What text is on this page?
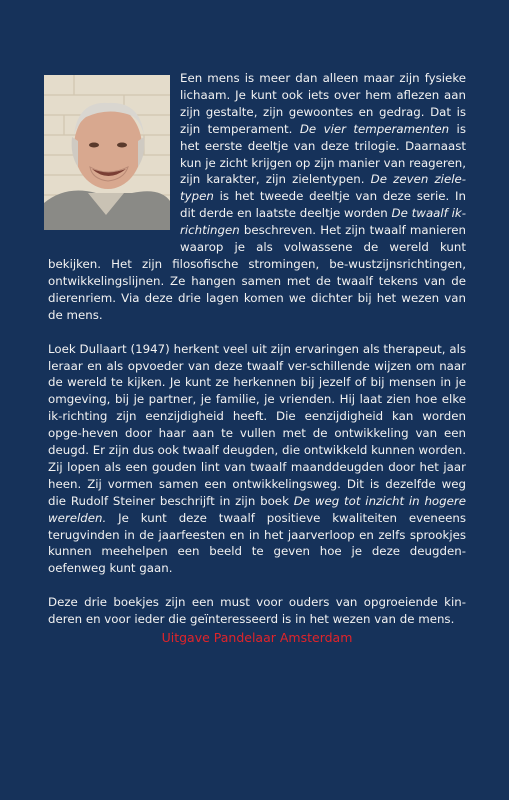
Een mens is meer dan alleen maar zijn fysieke lichaam. Je kunt ook iets over hem aflezen aan zijn gestalte, zijn gewoontes en gedrag. Dat is zijn temperament. De vier temperamenten is het eerste deeltje van deze trilogie. Daarnaast kun je zicht krijgen op zijn manier van reageren, zijn karakter, zijn zielentypen. De zeven ziele-typen is het tweede deeltje van deze serie. In dit derde en laatste deeltje worden De twaalf ik-richtingen beschreven. Het zijn twaalf manieren waarop je als volwassene de wereld kunt bekijken. Het zijn filosofische stromingen, be-wustzijnsrichtingen, ontwikkelingslijnen. Ze hangen samen met de twaalf tekens van de dierenriem. Via deze drie lagen komen we dichter bij het wezen van de mens.

Loek Dullaart (1947) herkent veel uit zijn ervaringen als therapeut, als leraar en als opvoeder van deze twaalf ver-schillende wijzen om naar de wereld te kijken. Je kunt ze herkennen bij jezelf of bij mensen in je omgeving, bij je partner, je familie, je vrienden. Hij laat zien hoe elke ik-richting zijn eenzijdigheid heeft. Die eenzijdigheid kan worden opge-heven door haar aan te vullen met de ontwikkeling van een deugd. Er zijn dus ook twaalf deugden, die ontwikkeld kunnen worden. Zij lopen als een gouden lint van twaalf maanddeugden door het jaar heen. Zij vormen samen een ontwikkelingsweg. Dit is dezelfde weg die Rudolf Steiner beschrijft in zijn boek De weg tot inzicht in hogere werelden. Je kunt deze twaalf positieve kwaliteiten eveneens terugvinden in de jaarfeesten en in het jaarverloop en zelfs sprookjes kunnen meehelpen een beeld te geven hoe je deze deugden-oefenweg kunt gaan.

Deze drie boekjes zijn een must voor ouders van opgroeiende kin-deren en voor ieder die geïnteresseerd is in het wezen van de mens.

Uitgave Pandelaar Amsterdam
